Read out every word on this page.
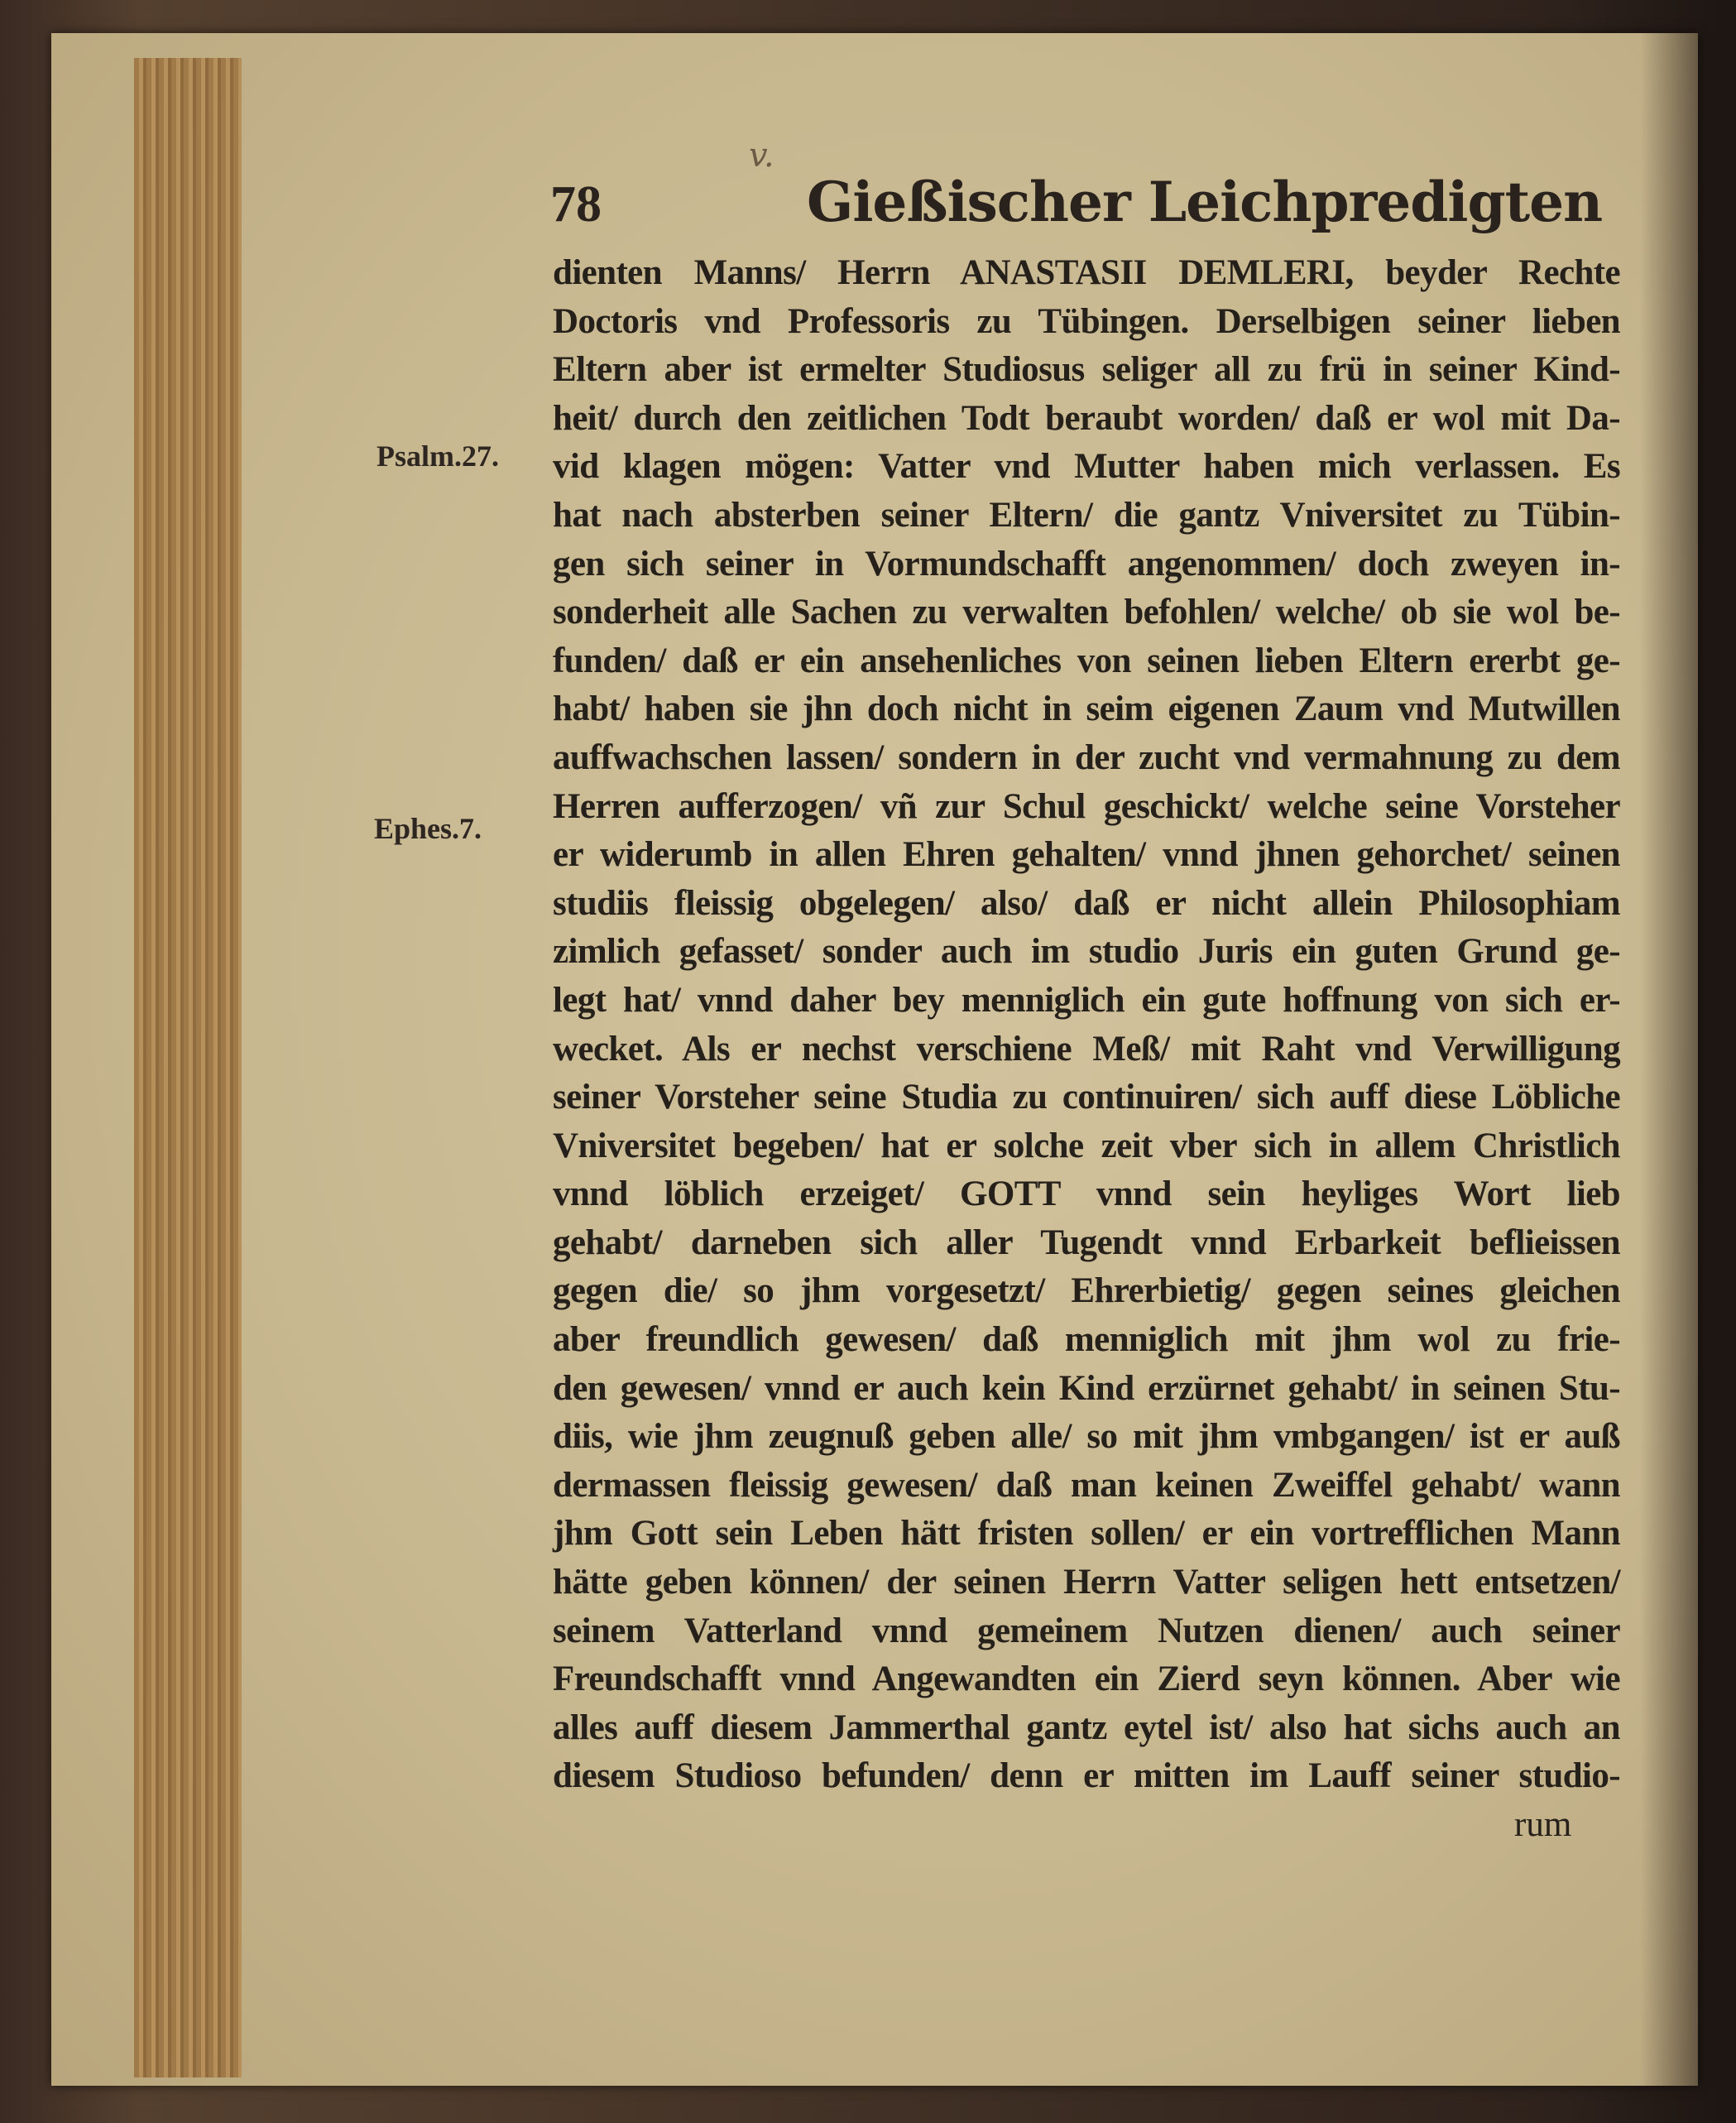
v.
78	Gießischer Leichpredigten
Psalm.27.
Ephes.7.
dienten Manns/ Herrn ANASTASII DEMLERI, beyder Rechte
Doctoris vnd Professoris zu Tübingen. Derselbigen seiner lieben
Eltern aber ist ermelter Studiosus seliger all zu frü in seiner Kind-
heit/ durch den zeitlichen Todt beraubt worden/ daß er wol mit Da-
vid klagen mögen: Vatter vnd Mutter haben mich verlassen. Es
hat nach absterben seiner Eltern/ die gantz Vniversitet zu Tübin-
gen sich seiner in Vormundschafft angenommen/ doch zweyen in-
sonderheit alle Sachen zu verwalten befohlen/ welche/ ob sie wol be-
funden/ daß er ein ansehenliches von seinen lieben Eltern ererbt ge-
habt/ haben sie jhn doch nicht in seim eigenen Zaum vnd Mutwillen
auffwachschen lassen/ sondern in der zucht vnd vermahnung zu dem
Herren aufferzogen/ vñ zur Schul geschickt/ welche seine Vorsteher
er widerumb in allen Ehren gehalten/ vnnd jhnen gehorchet/ seinen
studiis fleissig obgelegen/ also/ daß er nicht allein Philosophiam
zimlich gefasset/ sonder auch im studio Juris ein guten Grund ge-
legt hat/ vnnd daher bey menniglich ein gute hoffnung von sich er-
wecket. Als er nechst verschiene Meß/ mit Raht vnd Verwilligung
seiner Vorsteher seine Studia zu continuiren/ sich auff diese Löbliche
Vniversitet begeben/ hat er solche zeit vber sich in allem Christlich
vnnd löblich erzeiget/ GOTT vnnd sein heyliges Wort lieb
gehabt/ darneben sich aller Tugendt vnnd Erbarkeit beflieissen
gegen die/ so jhm vorgesetzt/ Ehrerbietig/ gegen seines gleichen
aber freundlich gewesen/ daß menniglich mit jhm wol zu frie-
den gewesen/ vnnd er auch kein Kind erzürnet gehabt/ in seinen Stu-
diis, wie jhm zeugnuß geben alle/ so mit jhm vmbgangen/ ist er auß
dermassen fleissig gewesen/ daß man keinen Zweiffel gehabt/ wann
jhm Gott sein Leben hätt fristen sollen/ er ein vortrefflichen Mann
hätte geben können/ der seinen Herrn Vatter seligen hett entsetzen/
seinem Vatterland vnnd gemeinem Nutzen dienen/ auch seiner
Freundschafft vnnd Angewandten ein Zierd seyn können. Aber wie
alles auff diesem Jammerthal gantz eytel ist/ also hat sichs auch an
diesem Studioso befunden/ denn er mitten im Lauff seiner studio-
rum
